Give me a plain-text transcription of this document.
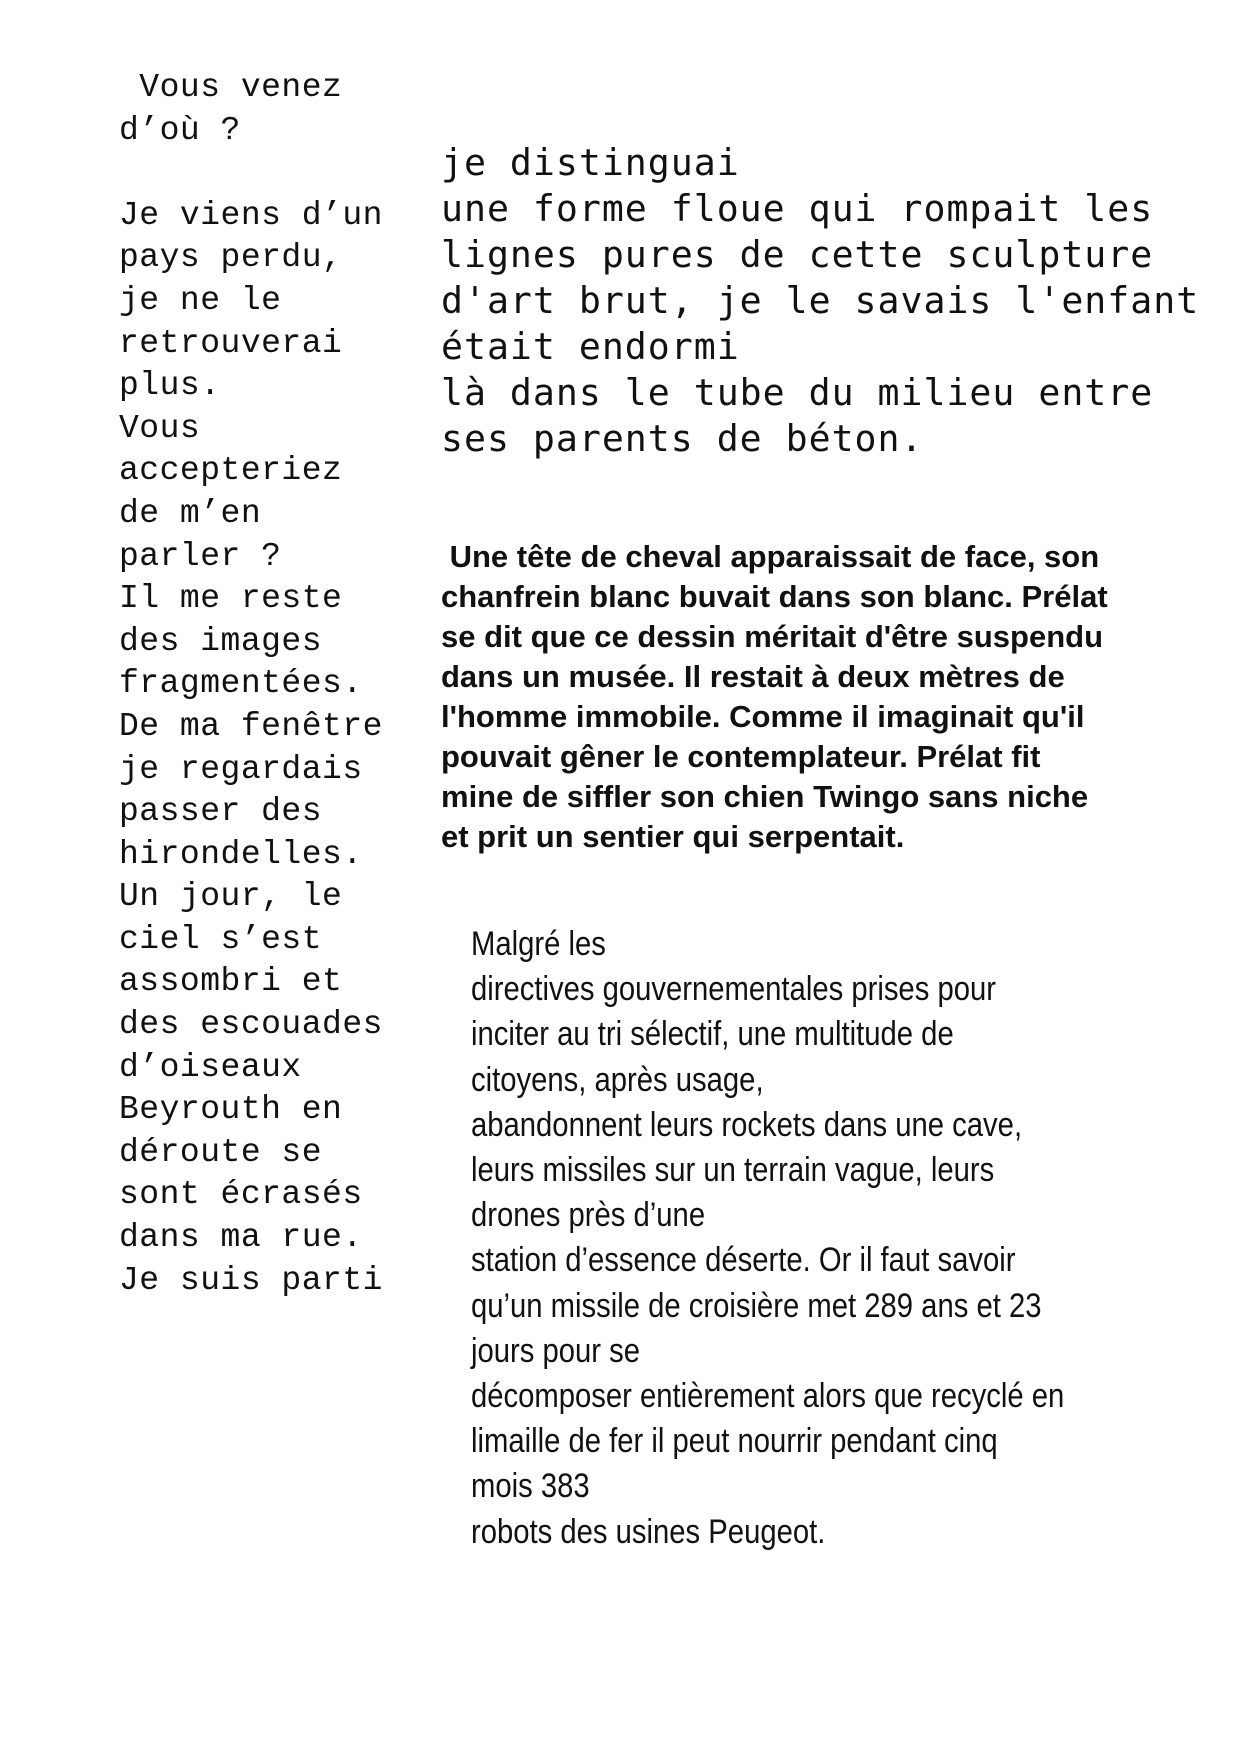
Vous venez
d’où ?

Je viens d’un
pays perdu,
je ne le
retrouverai
plus.
Vous
accepteriez
de m’en
parler ?
Il me reste
des images
fragmentées.
De ma fenêtre
je regardais
passer des
hirondelles.
Un jour, le
ciel s’est
assombri et
des escouades
d’oiseaux
Beyrouth en
déroute se
sont écrasés
dans ma rue.
Je suis parti
je distinguai
une forme floue qui rompait les
lignes pures de cette sculpture
d'art brut, je le savais l'enfant
était endormi
là dans le tube du milieu entre
ses parents de béton.
Une tête de cheval apparaissait de face, son
chanfrein blanc buvait dans son blanc. Prélat
se dit que ce dessin méritait d'être suspendu
dans un musée. Il restait à deux mètres de
l'homme immobile. Comme il imaginait qu'il
pouvait gêner le contemplateur. Prélat fit
mine de siffler son chien Twingo sans niche
et prit un sentier qui serpentait.
Malgré les
directives gouvernementales prises pour
inciter au tri sélectif, une multitude de
citoyens, après usage,
abandonnent leurs rockets dans une cave,
leurs missiles sur un terrain vague, leurs
drones près d’une
station d’essence déserte. Or il faut savoir
qu’un missile de croisière met 289 ans et 23
jours pour se
décomposer entièrement alors que recyclé en
limaille de fer il peut nourrir pendant cinq
mois 383
robots des usines Peugeot.
